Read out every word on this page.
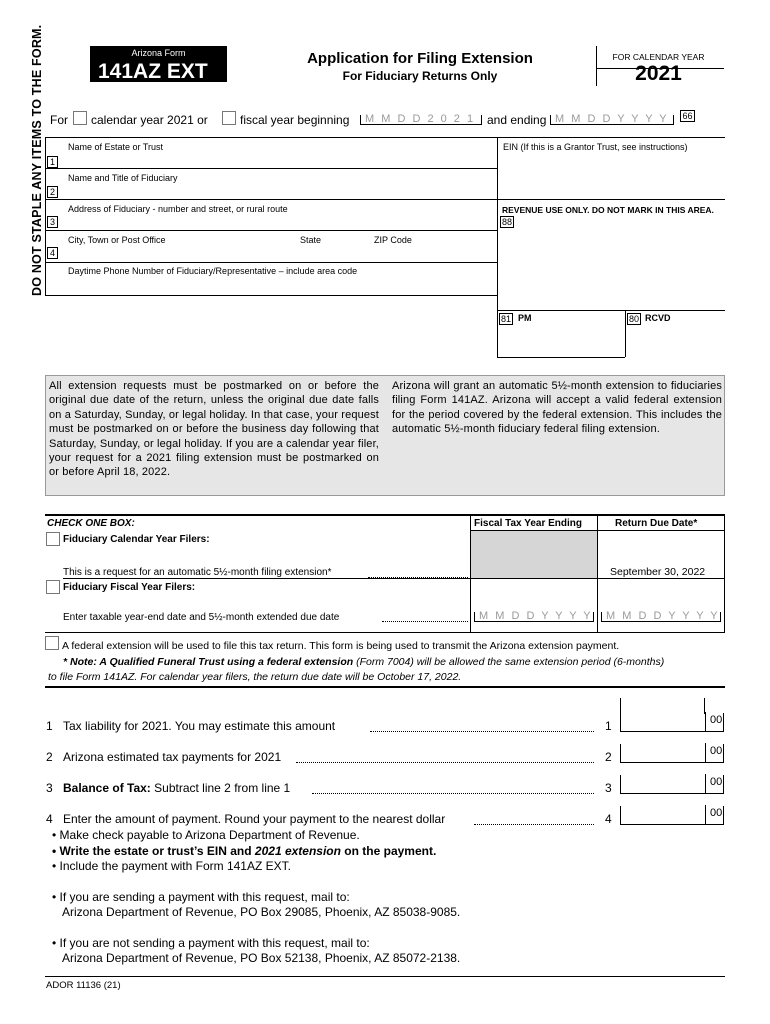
DO NOT STAPLE ANY ITEMS TO THE FORM.	Arizona Form
141AZ EXT
Application for Filing Extension
For Fiduciary Returns Only
FOR CALENDAR YEAR
2021
For calendar year 2021 or	fiscal year beginning	M M D D 2 0 2 1 and ending M M D D Y Y Y Y	66
Name of Estate or Trust	EIN (If this is a Grantor Trust, see instructions)
1
Name and Title of Fiduciary
2
Address of Fiduciary - number and street, or rural route	REVENUE USE ONLY. DO NOT MARK IN THIS AREA.
88
3
City, Town or Post Office	State	ZIP Code
4
Daytime Phone Number of Fiduciary/Representative – include area code
81 PM	80 RCVD
All extension requests must be postmarked on or before the original due date of the return, unless the original due date falls on a Saturday, Sunday, or legal holiday. In that case, your request must be postmarked on or before the business day following that Saturday, Sunday, or legal holiday. If you are a calendar year filer, your request for a 2021 filing extension must be postmarked on or before April 18, 2022.
Arizona will grant an automatic 5½-month extension to fiduciaries filing Form 141AZ. Arizona will accept a valid federal extension for the period covered by the federal extension. This includes the automatic 5½-month fiduciary federal filing extension.
CHECK ONE BOX:	Fiscal Tax Year Ending	Return Due Date*
Fiduciary Calendar Year Filers:
This is a request for an automatic 5½-month filing extension*	September 30, 2022
Fiduciary Fiscal Year Filers:
Enter taxable year-end date and 5½-month extended due date	M M D D Y Y Y Y	M M D D Y Y Y Y
A federal extension will be used to file this tax return. This form is being used to transmit the Arizona extension payment.
* Note: A Qualified Funeral Trust using a federal extension (Form 7004) will be allowed the same extension period (6-months)
to file Form 141AZ. For calendar year filers, the return due date will be October 17, 2022.
1 Tax liability for 2021. You may estimate this amount	1	00
2 Arizona estimated tax payments for 2021	2	00
3 Balance of Tax: Subtract line 2 from line 1	3	00
4 Enter the amount of payment. Round your payment to the nearest dollar	4	00
• Make check payable to Arizona Department of Revenue.
• Write the estate or trust’s EIN and 2021 extension on the payment.
• Include the payment with Form 141AZ EXT.
• If you are sending a payment with this request, mail to:
Arizona Department of Revenue, PO Box 29085, Phoenix, AZ 85038-9085.
• If you are not sending a payment with this request, mail to:
Arizona Department of Revenue, PO Box 52138, Phoenix, AZ 85072-2138.
ADOR 11136 (21)
